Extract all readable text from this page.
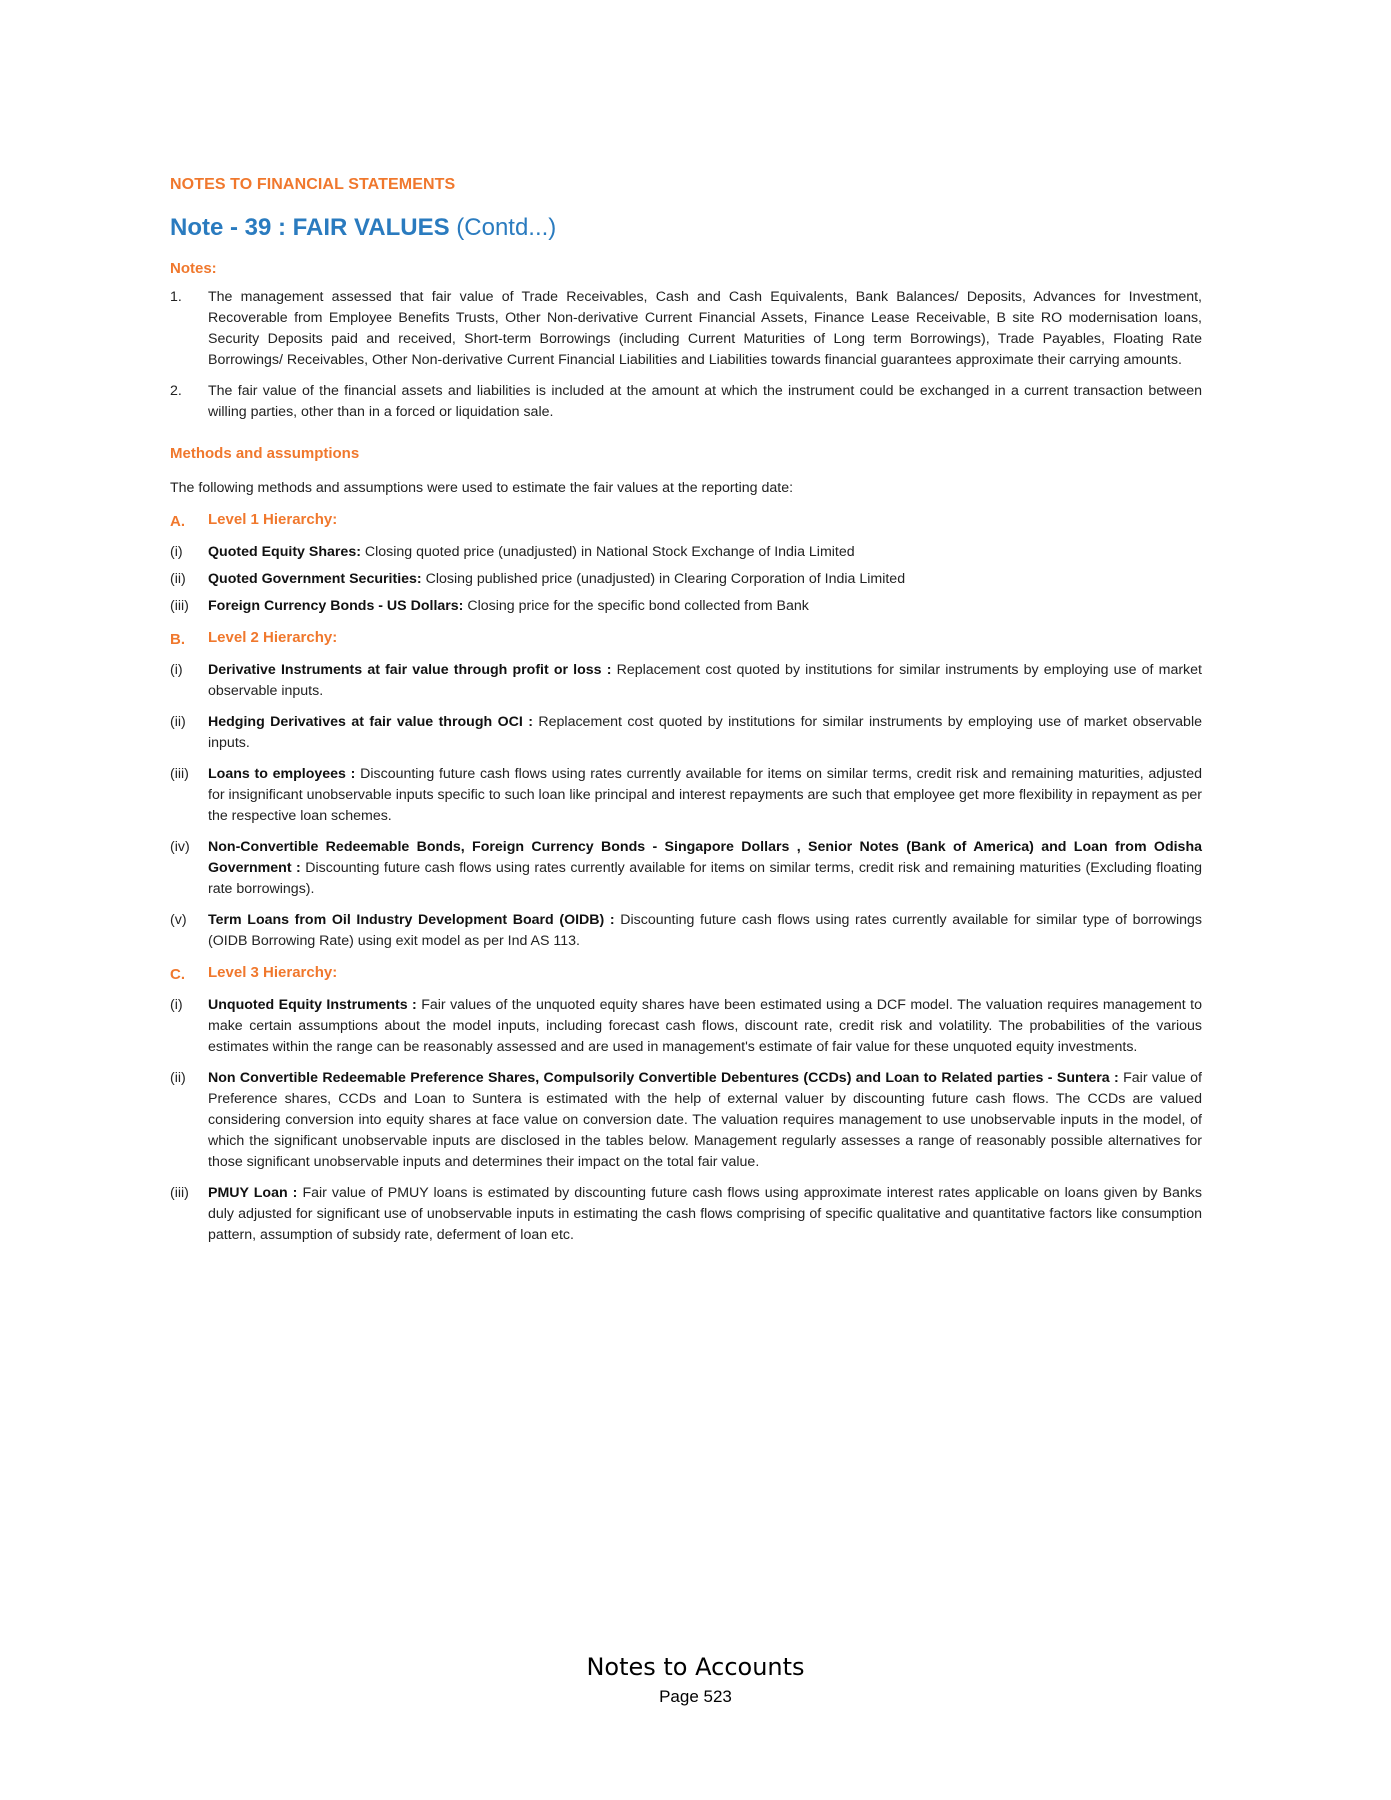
NOTES TO FINANCIAL STATEMENTS

Note - 39 : FAIR VALUES (Contd...)
Notes:
1.	The management assessed that fair value of Trade Receivables, Cash and Cash Equivalents, Bank Balances/ Deposits, Advances for Investment, Recoverable from Employee Benefits Trusts, Other Non-derivative Current Financial Assets, Finance Lease Receivable, B site RO modernisation loans, Security Deposits paid and received, Short-term Borrowings (including Current Maturities of Long term Borrowings), Trade Payables, Floating Rate Borrowings/ Receivables, Other Non-derivative Current Financial Liabilities and Liabilities towards financial guarantees approximate their carrying amounts.
2.	The fair value of the financial assets and liabilities is included at the amount at which the instrument could be exchanged in a current transaction between willing parties, other than in a forced or liquidation sale.
Methods and assumptions
The following methods and assumptions were used to estimate the fair values at the reporting date:
A.	Level 1 Hierarchy:
(i)	Quoted Equity Shares: Closing quoted price (unadjusted) in National Stock Exchange of India Limited
(ii)	Quoted Government Securities: Closing published price (unadjusted) in Clearing Corporation of India Limited
(iii)	Foreign Currency Bonds - US Dollars: Closing price for the specific bond collected from Bank
B.	Level 2 Hierarchy:
(i)	Derivative Instruments at fair value through profit or loss : Replacement cost quoted by institutions for similar instruments by employing use of market observable inputs.
(ii)	Hedging Derivatives at fair value through OCI : Replacement cost quoted by institutions for similar instruments by employing use of market observable inputs.
(iii)	Loans to employees : Discounting future cash flows using rates currently available for items on similar terms, credit risk and remaining maturities, adjusted for insignificant unobservable inputs specific to such loan like principal and interest repayments are such that employee get more flexibility in repayment as per the respective loan schemes.
(iv)	Non-Convertible Redeemable Bonds, Foreign Currency Bonds - Singapore Dollars , Senior Notes (Bank of America) and Loan from Odisha Government : Discounting future cash flows using rates currently available for items on similar terms, credit risk and remaining maturities (Excluding floating rate borrowings).
(v)	Term Loans from Oil Industry Development Board (OIDB) : Discounting future cash flows using rates currently available for similar type of borrowings (OIDB Borrowing Rate) using exit model as per Ind AS 113.
C.	Level 3 Hierarchy:
(i)	Unquoted Equity Instruments : Fair values of the unquoted equity shares have been estimated using a DCF model. The valuation requires management to make certain assumptions about the model inputs, including forecast cash flows, discount rate, credit risk and volatility. The probabilities of the various estimates within the range can be reasonably assessed and are used in management's estimate of fair value for these unquoted equity investments.
(ii)	Non Convertible Redeemable Preference Shares, Compulsorily Convertible Debentures (CCDs) and Loan to Related parties - Suntera : Fair value of Preference shares, CCDs and Loan to Suntera is estimated with the help of external valuer by discounting future cash flows. The CCDs are valued considering conversion into equity shares at face value on conversion date. The valuation requires management to use unobservable inputs in the model, of which the significant unobservable inputs are disclosed in the tables below. Management regularly assesses a range of reasonably possible alternatives for those significant unobservable inputs and determines their impact on the total fair value.
(iii)	PMUY Loan : Fair value of PMUY loans is estimated by discounting future cash flows using approximate interest rates applicable on loans given by Banks duly adjusted for significant use of unobservable inputs in estimating the cash flows comprising of specific qualitative and quantitative factors like consumption pattern, assumption of subsidy rate, deferment of loan etc.
Notes to Accounts
Page 523
